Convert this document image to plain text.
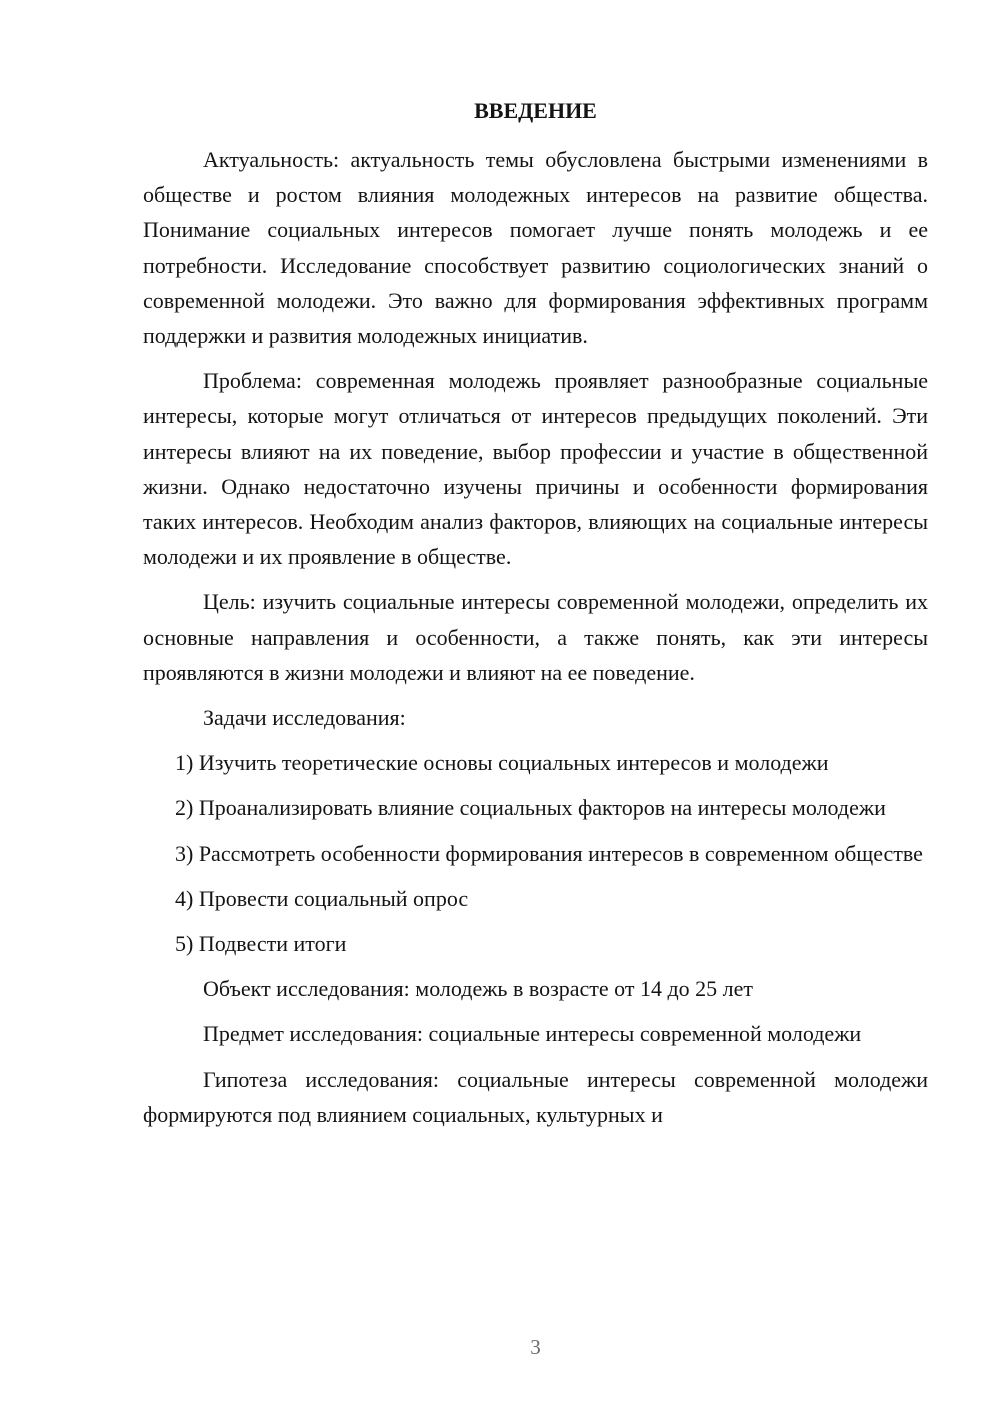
ВВЕДЕНИЕ

Актуальность: актуальность темы обусловлена быстрыми изменениями в обществе и ростом влияния молодежных интересов на развитие общества. Понимание социальных интересов помогает лучше понять молодежь и ее потребности. Исследование способствует развитию социологических знаний о современной молодежи. Это важно для формирования эффективных программ поддержки и развития молодежных инициатив.

Проблема: современная молодежь проявляет разнообразные социальные интересы, которые могут отличаться от интересов предыдущих поколений. Эти интересы влияют на их поведение, выбор профессии и участие в общественной жизни. Однако недостаточно изучены причины и особенности формирования таких интересов. Необходим анализ факторов, влияющих на социальные интересы молодежи и их проявление в обществе.

Цель: изучить социальные интересы современной молодежи, определить их основные направления и особенности, а также понять, как эти интересы проявляются в жизни молодежи и влияют на ее поведение.

Задачи исследования:

1) Изучить теоретические основы социальных интересов и молодежи

2) Проанализировать влияние социальных факторов на интересы молодежи

3) Рассмотреть особенности формирования интересов в современном обществе

4) Провести социальный опрос

5) Подвести итоги

Объект исследования: молодежь в возрасте от 14 до 25 лет

Предмет исследования: социальные интересы современной молодежи

Гипотеза исследования: социальные интересы современной молодежи формируются под влиянием социальных, культурных и

3
